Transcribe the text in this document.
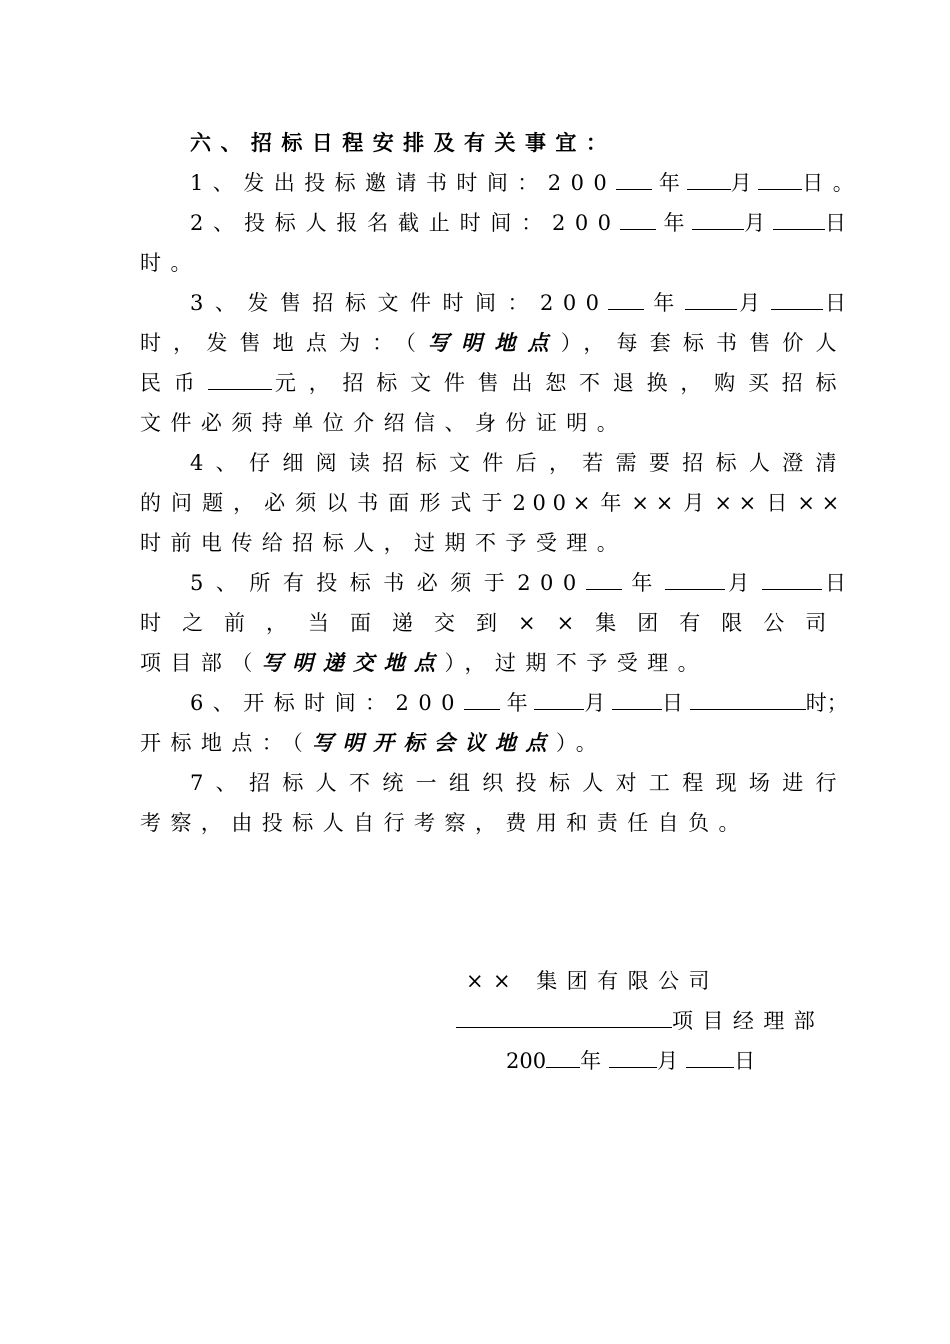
六、招标日程安排及有关事宜：
1、发出投标邀请书时间：200 年 月 日。
2、投标人报名截止时间：200 年	月	日
时。
3、发售招标文件时间：200 年	月	日
时，发售地点为：（写明地点），每套标书售价人
民币	元，招标文件售出恕不退换，购买招标
文件必须持单位介绍信、身份证明。
4、仔细阅读招标文件后，若需要招标人澄清
的问题，必须以书面形式于200×年××月××日××
时前电传给招标人，过期不予受理。
5、所有投标书必须于200 年	月	日
时之前，当面递交到××集团有限公司
项目部（写明递交地点），过期不予受理。
6、开标时间：200 年	月	日	时；
开标地点：（写明开标会议地点）。
7、招标人不统一组织投标人对工程现场进行
考察，由投标人自行考察，费用和责任自负。
×× 集团有限公司
项目经理部
200 年	月	日
